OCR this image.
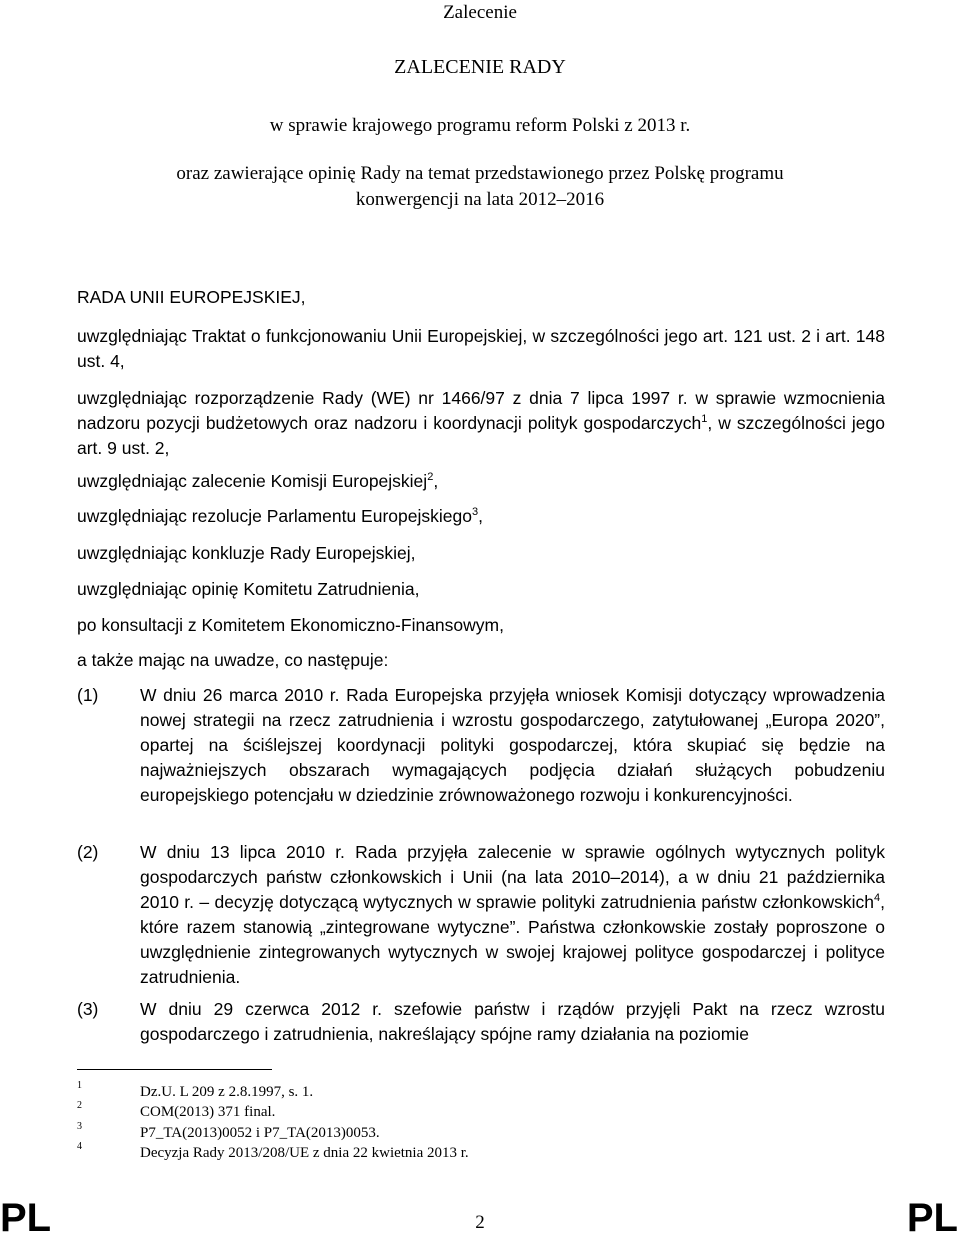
Zalecenie
ZALECENIE RADY
w sprawie krajowego programu reform Polski z 2013 r.
oraz zawierające opinię Rady na temat przedstawionego przez Polskę programu
konwergencji na lata 2012–2016

RADA UNII EUROPEJSKIEJ,

uwzględniając Traktat o funkcjonowaniu Unii Europejskiej, w szczególności jego art. 121 ust. 2 i art. 148 ust. 4,

uwzględniając rozporządzenie Rady (WE) nr 1466/97 z dnia 7 lipca 1997 r. w sprawie wzmocnienia nadzoru pozycji budżetowych oraz nadzoru i koordynacji polityk gospodarczych$^1$, w szczególności jego art. 9 ust. 2,

uwzględniając zalecenie Komisji Europejskiej$^2$,

uwzględniając rezolucje Parlamentu Europejskiego$^3$,

uwzględniając konkluzje Rady Europejskiej,

uwzględniając opinię Komitetu Zatrudnienia,

po konsultacji z Komitetem Ekonomiczno-Finansowym,

a także mając na uwadze, co następuje:

(1)	W dniu 26 marca 2010 r. Rada Europejska przyjęła wniosek Komisji dotyczący wprowadzenia nowej strategii na rzecz zatrudnienia i wzrostu gospodarczego, zatytułowanej „Europa 2020”, opartej na ściślejszej koordynacji polityki gospodarczej, która skupiać się będzie na najważniejszych obszarach wymagających podjęcia działań służących pobudzeniu europejskiego potencjału w dziedzinie zrównoważonego rozwoju i konkurencyjności.
(2)	W dniu 13 lipca 2010 r. Rada przyjęła zalecenie w sprawie ogólnych wytycznych polityk gospodarczych państw członkowskich i Unii (na lata 2010–2014), a w dniu 21 października 2010 r. – decyzję dotyczącą wytycznych w sprawie polityki zatrudnienia państw członkowskich$^4$, które razem stanowią „zintegrowane wytyczne”. Państwa członkowskie zostały poproszone o uwzględnienie zintegrowanych wytycznych w swojej krajowej polityce gospodarczej i polityce zatrudnienia.
(3)	W dniu 29 czerwca 2012 r. szefowie państw i rządów przyjęli Pakt na rzecz wzrostu gospodarczego i zatrudnienia, nakreślający spójne ramy działania na poziomie
1	Dz.U. L 209 z 2.8.1997, s. 1.
2	COM(2013) 371 final.
3	P7_TA(2013)0052 i P7_TA(2013)0053.
4	Decyzja Rady 2013/208/UE z dnia 22 kwietnia 2013 r.
PL	2	PL
